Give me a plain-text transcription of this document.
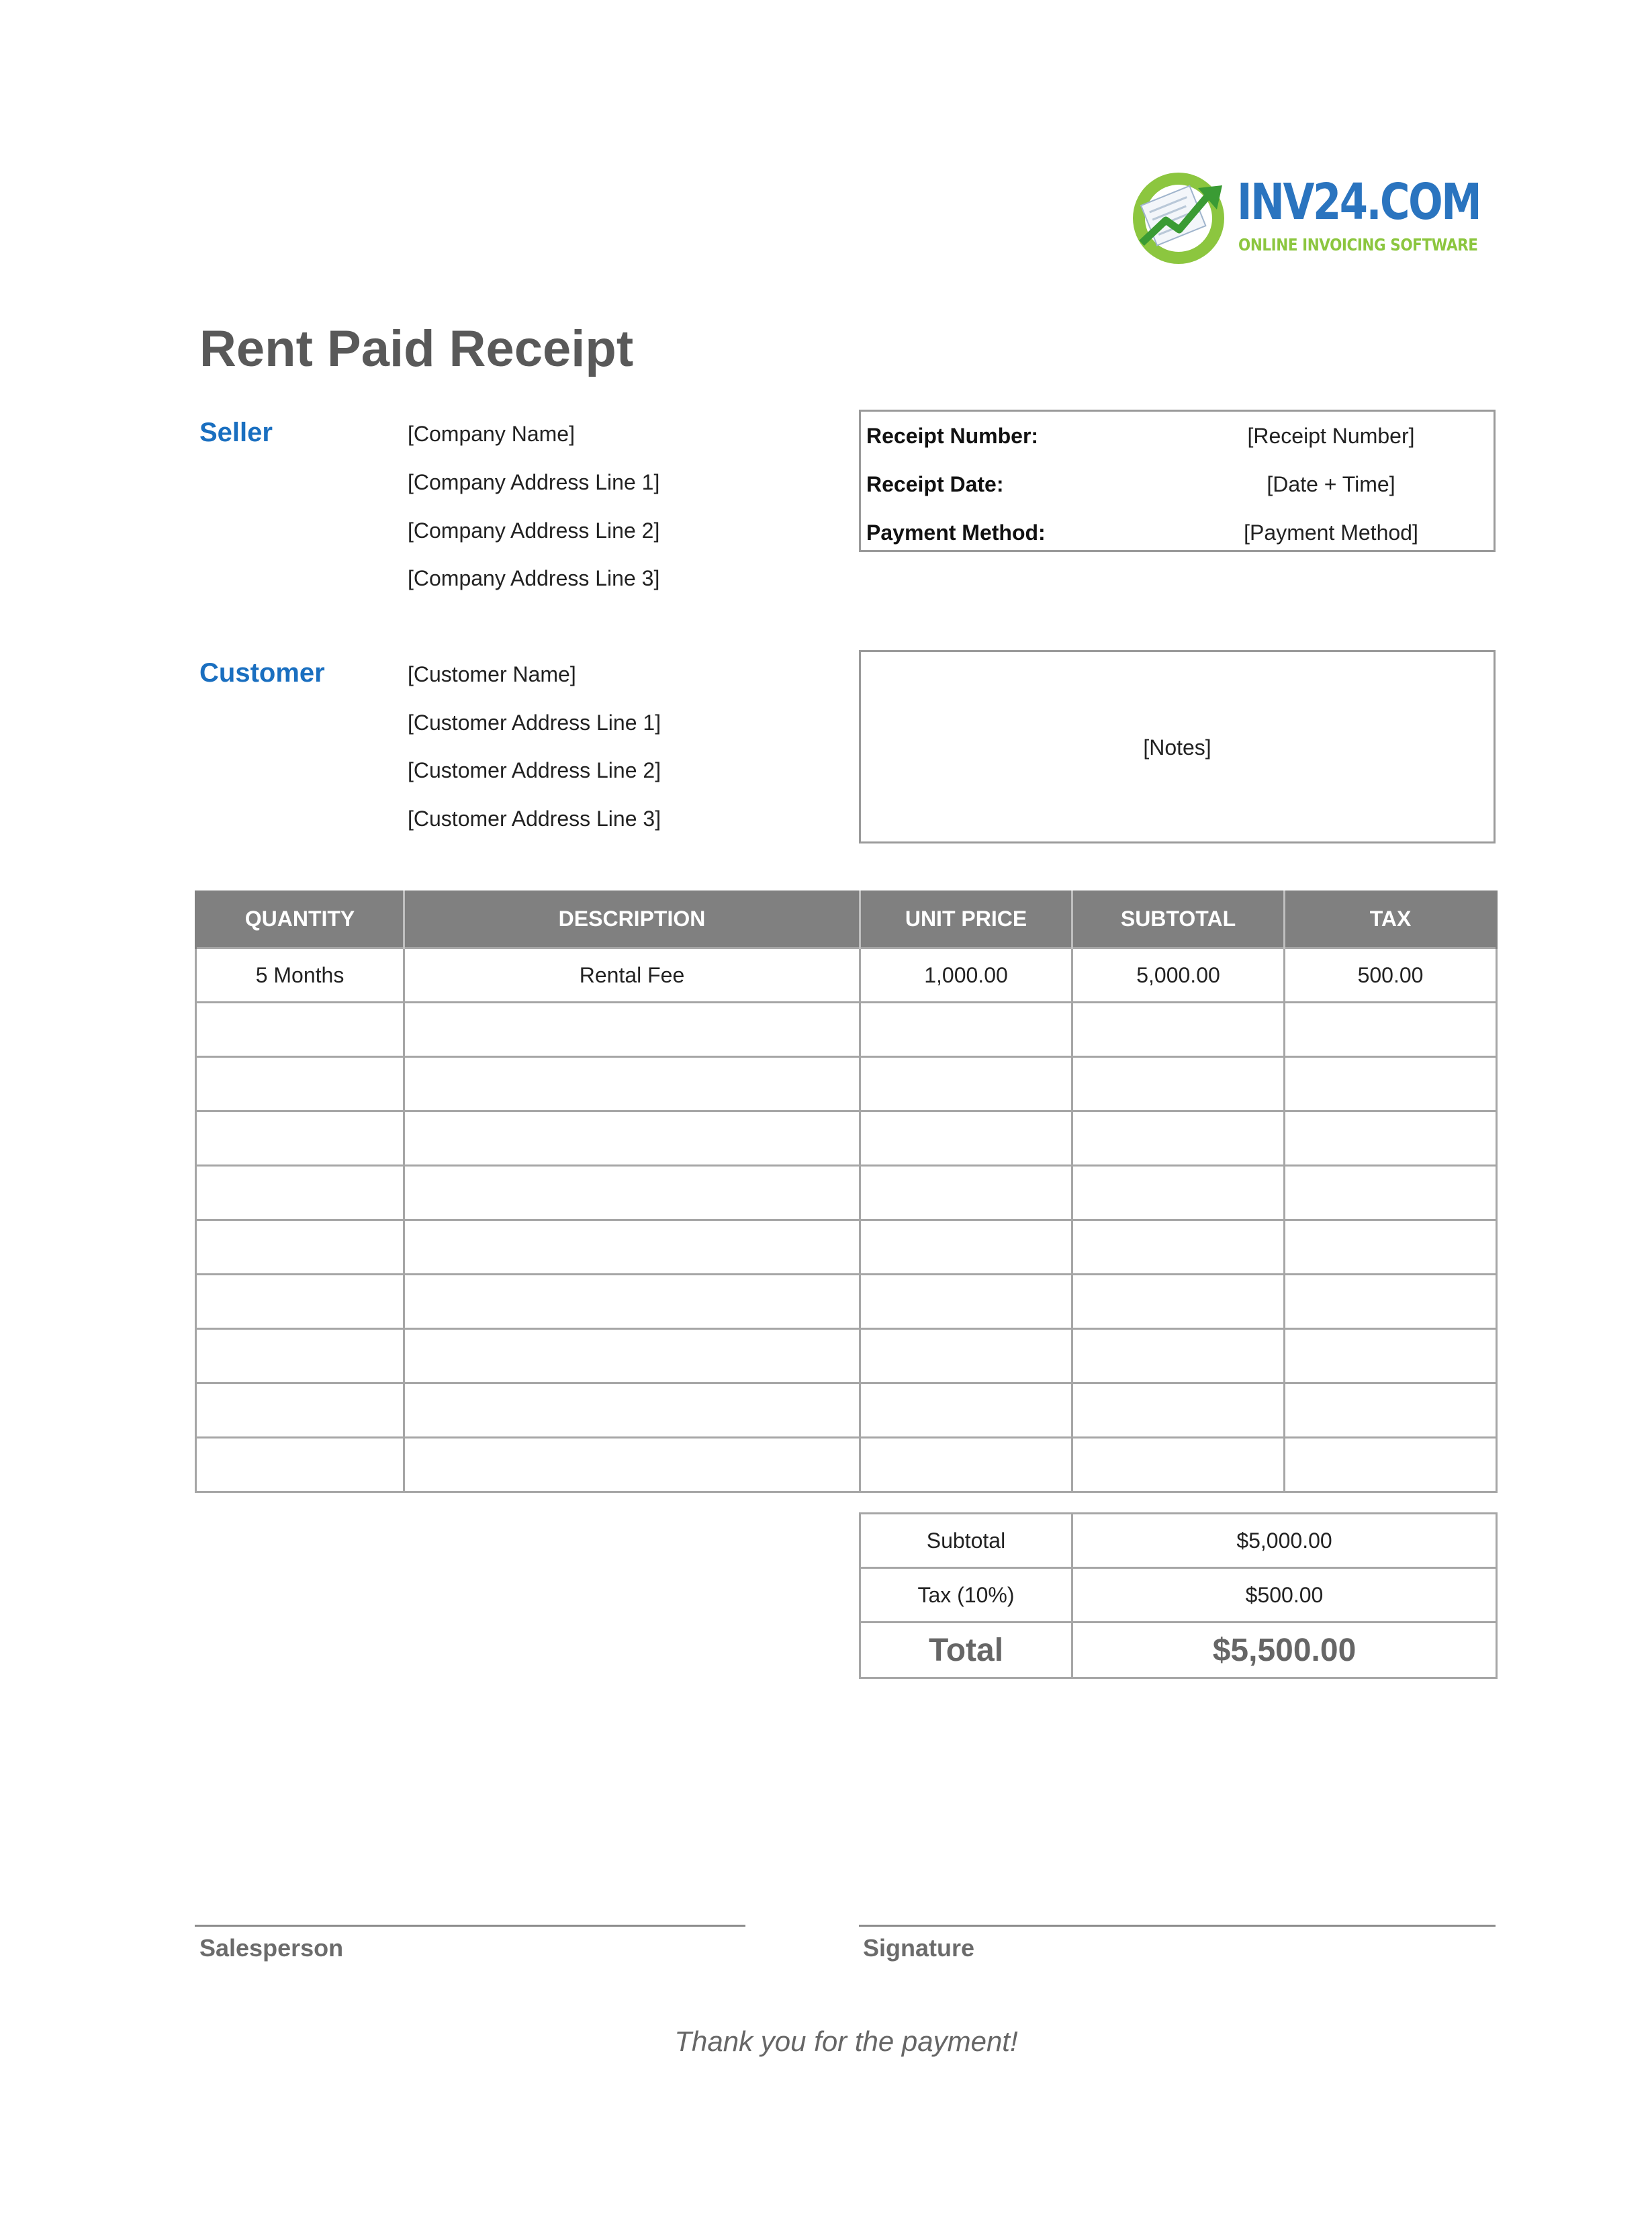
INV24.COM
ONLINE INVOICING SOFTWARE
Rent Paid Receipt
Seller	[Company Name]
[Company Address Line 1]
[Company Address Line 2]
[Company Address Line 3]
Receipt Number:	[Receipt Number]
Receipt Date:	[Date + Time]
Payment Method:	[Payment Method]
Customer	[Customer Name]
[Customer Address Line 1]
[Customer Address Line 2]
[Customer Address Line 3]
[Notes]
QUANTITY	DESCRIPTION	UNIT PRICE	SUBTOTAL	TAX
5 Months	Rental Fee	1,000.00	5,000.00	500.00

Subtotal	$5,000.00
Tax (10%)	$500.00
Total	$5,500.00
Salesperson	Signature
Thank you for the payment!
